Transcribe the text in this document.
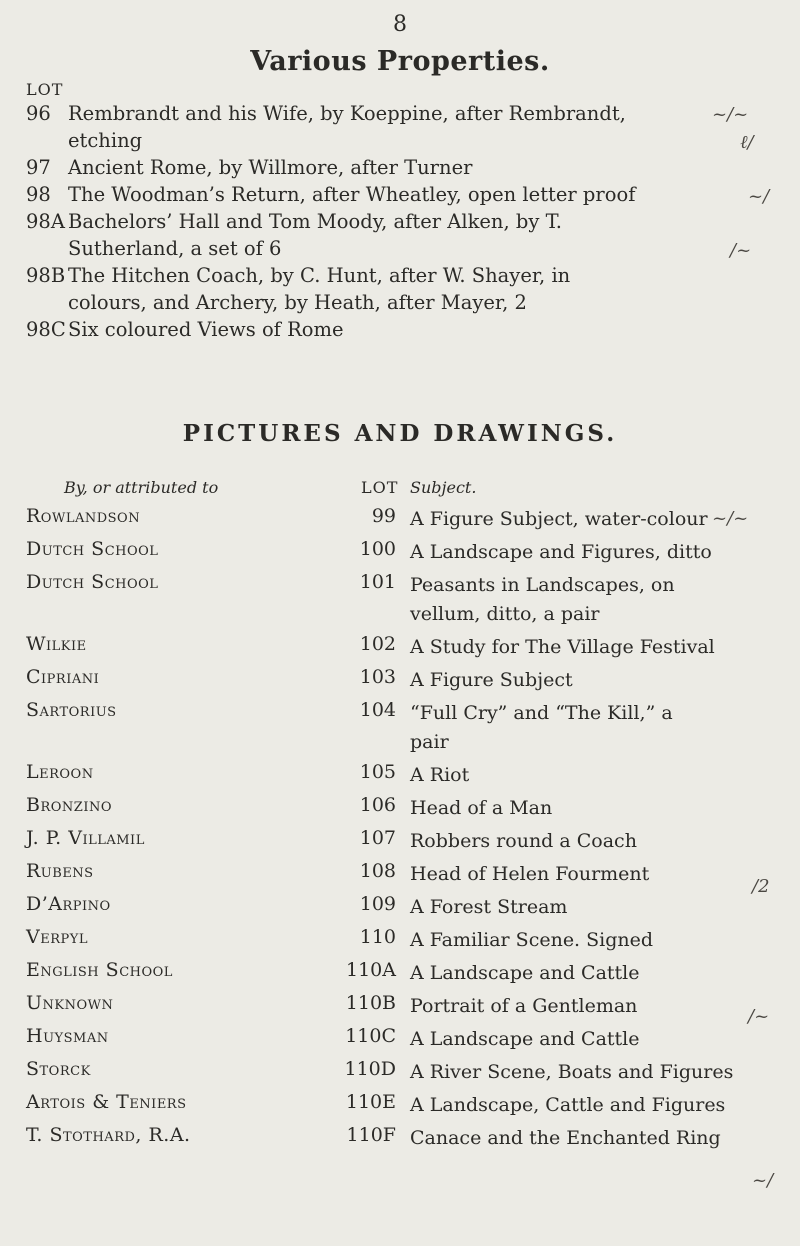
8
Various Properties.
LOT
96 Rembrandt and his Wife, by Koeppine, after Rembrandt,
etching
97 Ancient Rome, by Willmore, after Turner
98 The Woodman’s Return, after Wheatley, open letter proof
98A Bachelors’ Hall and Tom Moody, after Alken, by T.
Sutherland, a set of 6
98B The Hitchen Coach, by C. Hunt, after W. Shayer, in
colours, and Archery, by Heath, after Mayer, 2
98C Six coloured Views of Rome
~/~
ℓ/
~/
/~
PICTURES AND DRAWINGS.
By, or attributed to	LOT Subject.
Rowlandson	99 A Figure Subject, water-colour
Dutch School	100 A Landscape and Figures, ditto
Dutch School	101 Peasants in Landscapes, on
vellum, ditto, a pair
Wilkie	102 A Study for The Village Festival
Cipriani	103 A Figure Subject
Sartorius	104 “Full Cry” and “The Kill,” a
pair
Leroon	105 A Riot
Bronzino	106 Head of a Man
J. P. Villamil	107 Robbers round a Coach
Rubens	108 Head of Helen Fourment
D’Arpino	109 A Forest Stream
Verpyl	110 A Familiar Scene. Signed
English School	110A A Landscape and Cattle
Unknown	110B Portrait of a Gentleman
Huysman	110C A Landscape and Cattle
Storck	110D A River Scene, Boats and Figures
Artois & Teniers	110E A Landscape, Cattle and Figures
T. Stothard, R.A.	110F Canace and the Enchanted Ring
~/~
/2
/~
~/
